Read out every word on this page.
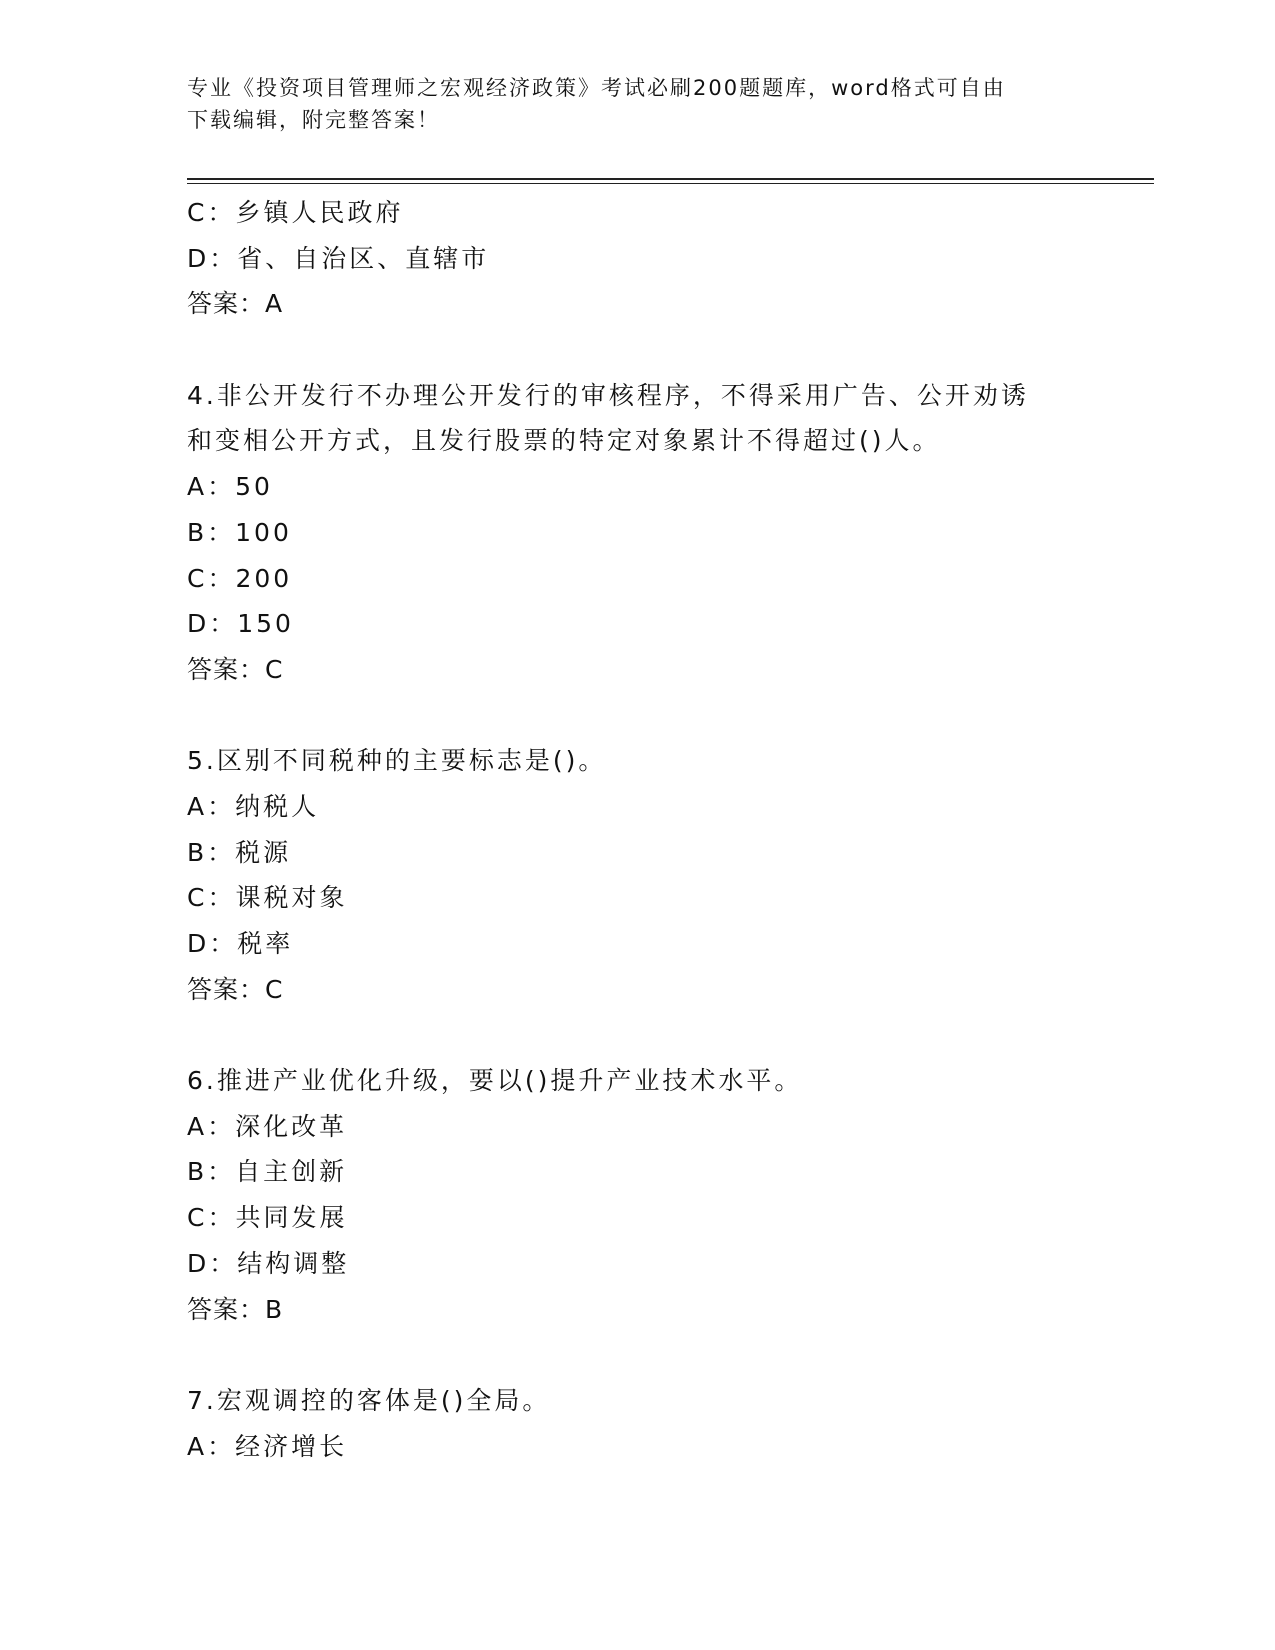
专业《投资项目管理师之宏观经济政策》考试必刷200题题库，word格式可自由
下载编辑，附完整答案！
C：乡镇人民政府
D：省、自治区、直辖市
答案：A
4.非公开发行不办理公开发行的审核程序，不得采用广告、公开劝诱
和变相公开方式，且发行股票的特定对象累计不得超过()人。
A：50
B：100
C：200
D：150
答案：C
5.区别不同税种的主要标志是()。
A：纳税人
B：税源
C：课税对象
D：税率
答案：C
6.推进产业优化升级，要以()提升产业技术水平。
A：深化改革
B：自主创新
C：共同发展
D：结构调整
答案：B
7.宏观调控的客体是()全局。
A：经济增长
